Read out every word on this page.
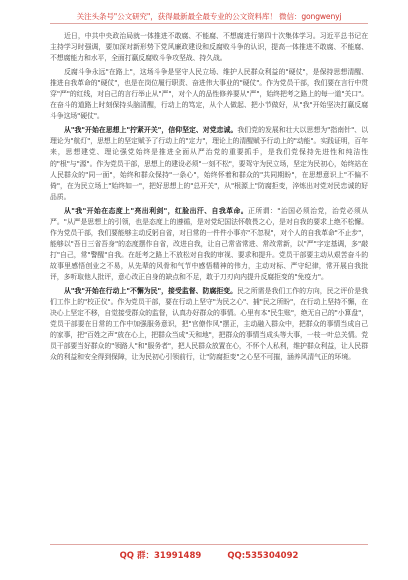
关注头条号"公文研究"，获得最新最全最专业的公文资料库！ 微信：gongwenyj

近日，中共中央政治局就一体推进不敢腐、不能腐、不想腐进行第四十次集体学习。习近平总书记在主持学习时强调，要加深对新形势下党风廉政建设和反腐败斗争的认识，提高一体推进不敢腐、不能腐、不想腐能力和水平，全面打赢反腐败斗争攻坚战、持久战。

反腐斗争永远"在路上"，这场斗争是坚守人民立场、维护人民群众利益的"硬仗"，是保持思想清醒、推进自我革命的"硬仗"，也是在岗位履行职责、奋进伟大事业的"硬仗"。作为党员干部，我们要在言行中贯穿"严"的红线，对自己的言行举止从"严"，对个人的品性修养要从"严"，始终把考之路上的每一道"关口"。在奋斗的道路上时刻保持头脑清醒，行动上的笃定，从个人做起、把小节做好，从"我"开始坚决打赢反腐斗争这场"硬仗"。

从"我"开始在思想上"拧紧开关"，信仰坚定、对党忠诚。我们党的发展和壮大以思想为"指南针"、以理论为"航灯"，思想上的坚定赋予了行动上的"定力"，理论上的清醒赋予行动上的"动能"。实践证明，百年来，思想建党、理论强党始终是推进全面从严治党的重要抓手，是我们党保持先进性和纯洁性的"根"与"源"。作为党员干部，思想上的建设必须"一刻不松"，要驾守为民立场，坚定为民初心，始终站在人民群众的"同一面"，始终和群众保持"一条心"，始终怀着和群众的"共同期盼"，在思想意识上"不偏不倚"，在为民立场上"始终如一"，把好思想上的"总开关"，从"根源上"防腐拒变，淬炼出对党对民忠诚的好品质。

从"我"开始在态度上"亮出利剑"，红脸出汗、自我革命。正所谓："治国必须治党，治党必须从严。"从严是思想上的引领，也是态度上的遵循，是对党纪国法怀敬畏之心，是对自我的要求上绝不松懈。作为党员干部，我们要能够主动反躬自省，对日常的一件件小事亦"不忽视"，对个人的自我革命"不止步"，能够以"吾日三省吾身"的态度摆作自省，改进自我，让自己常省常进、常改常新，以"严"字定基调，多"敲打"自己，常"警醒"自我。在赶考之路上不放松对自我的审视、要求和提升。党员干部要主动从艰苦奋斗的故事里感悟创业之不易，从先辈的风骨和气节中感悟精神的伟力，主动对标、严守纪律，常开展自我批评，多听取他人批评，意心改正自身的缺点和不足，敢于刀刃向内提升反腐拒变的"免疫力"。

从"我"开始在行动上"不懈为民"，接受监督、防腐拒变。民之所需是我们工作的方向，民之评价是我们工作上的"校正仪"。作为党员干部，要在行动上坚守"为民之心"、捕"民之所盼"，在行动上坚持不懈，在决心上坚定不移，自觉接受群众的监督，认真办好群众的事情。心里有本"民生账"，绝无自己的"小算盘"，党员干部要在日常的工作中加强服务意识，把"官僚作风"摆正，主动融入群众中，把群众的事情当成自己的家事，把"百姓之声"放在心上，把群众当成"天和地"，把群众的事情当成头等大事，一枝一叶总关情。党员干部要当好群众的"领路人"和"服务者"，把人民群众放置在心，不怀个人私利，维护群众利益，让人民群众的利益和安全得到保障，让为民初心引领前行，让"防腐拒变"之心坚不可摧，涵养风清气正的环境。

QQ 群：31991489	QQ:535304092
